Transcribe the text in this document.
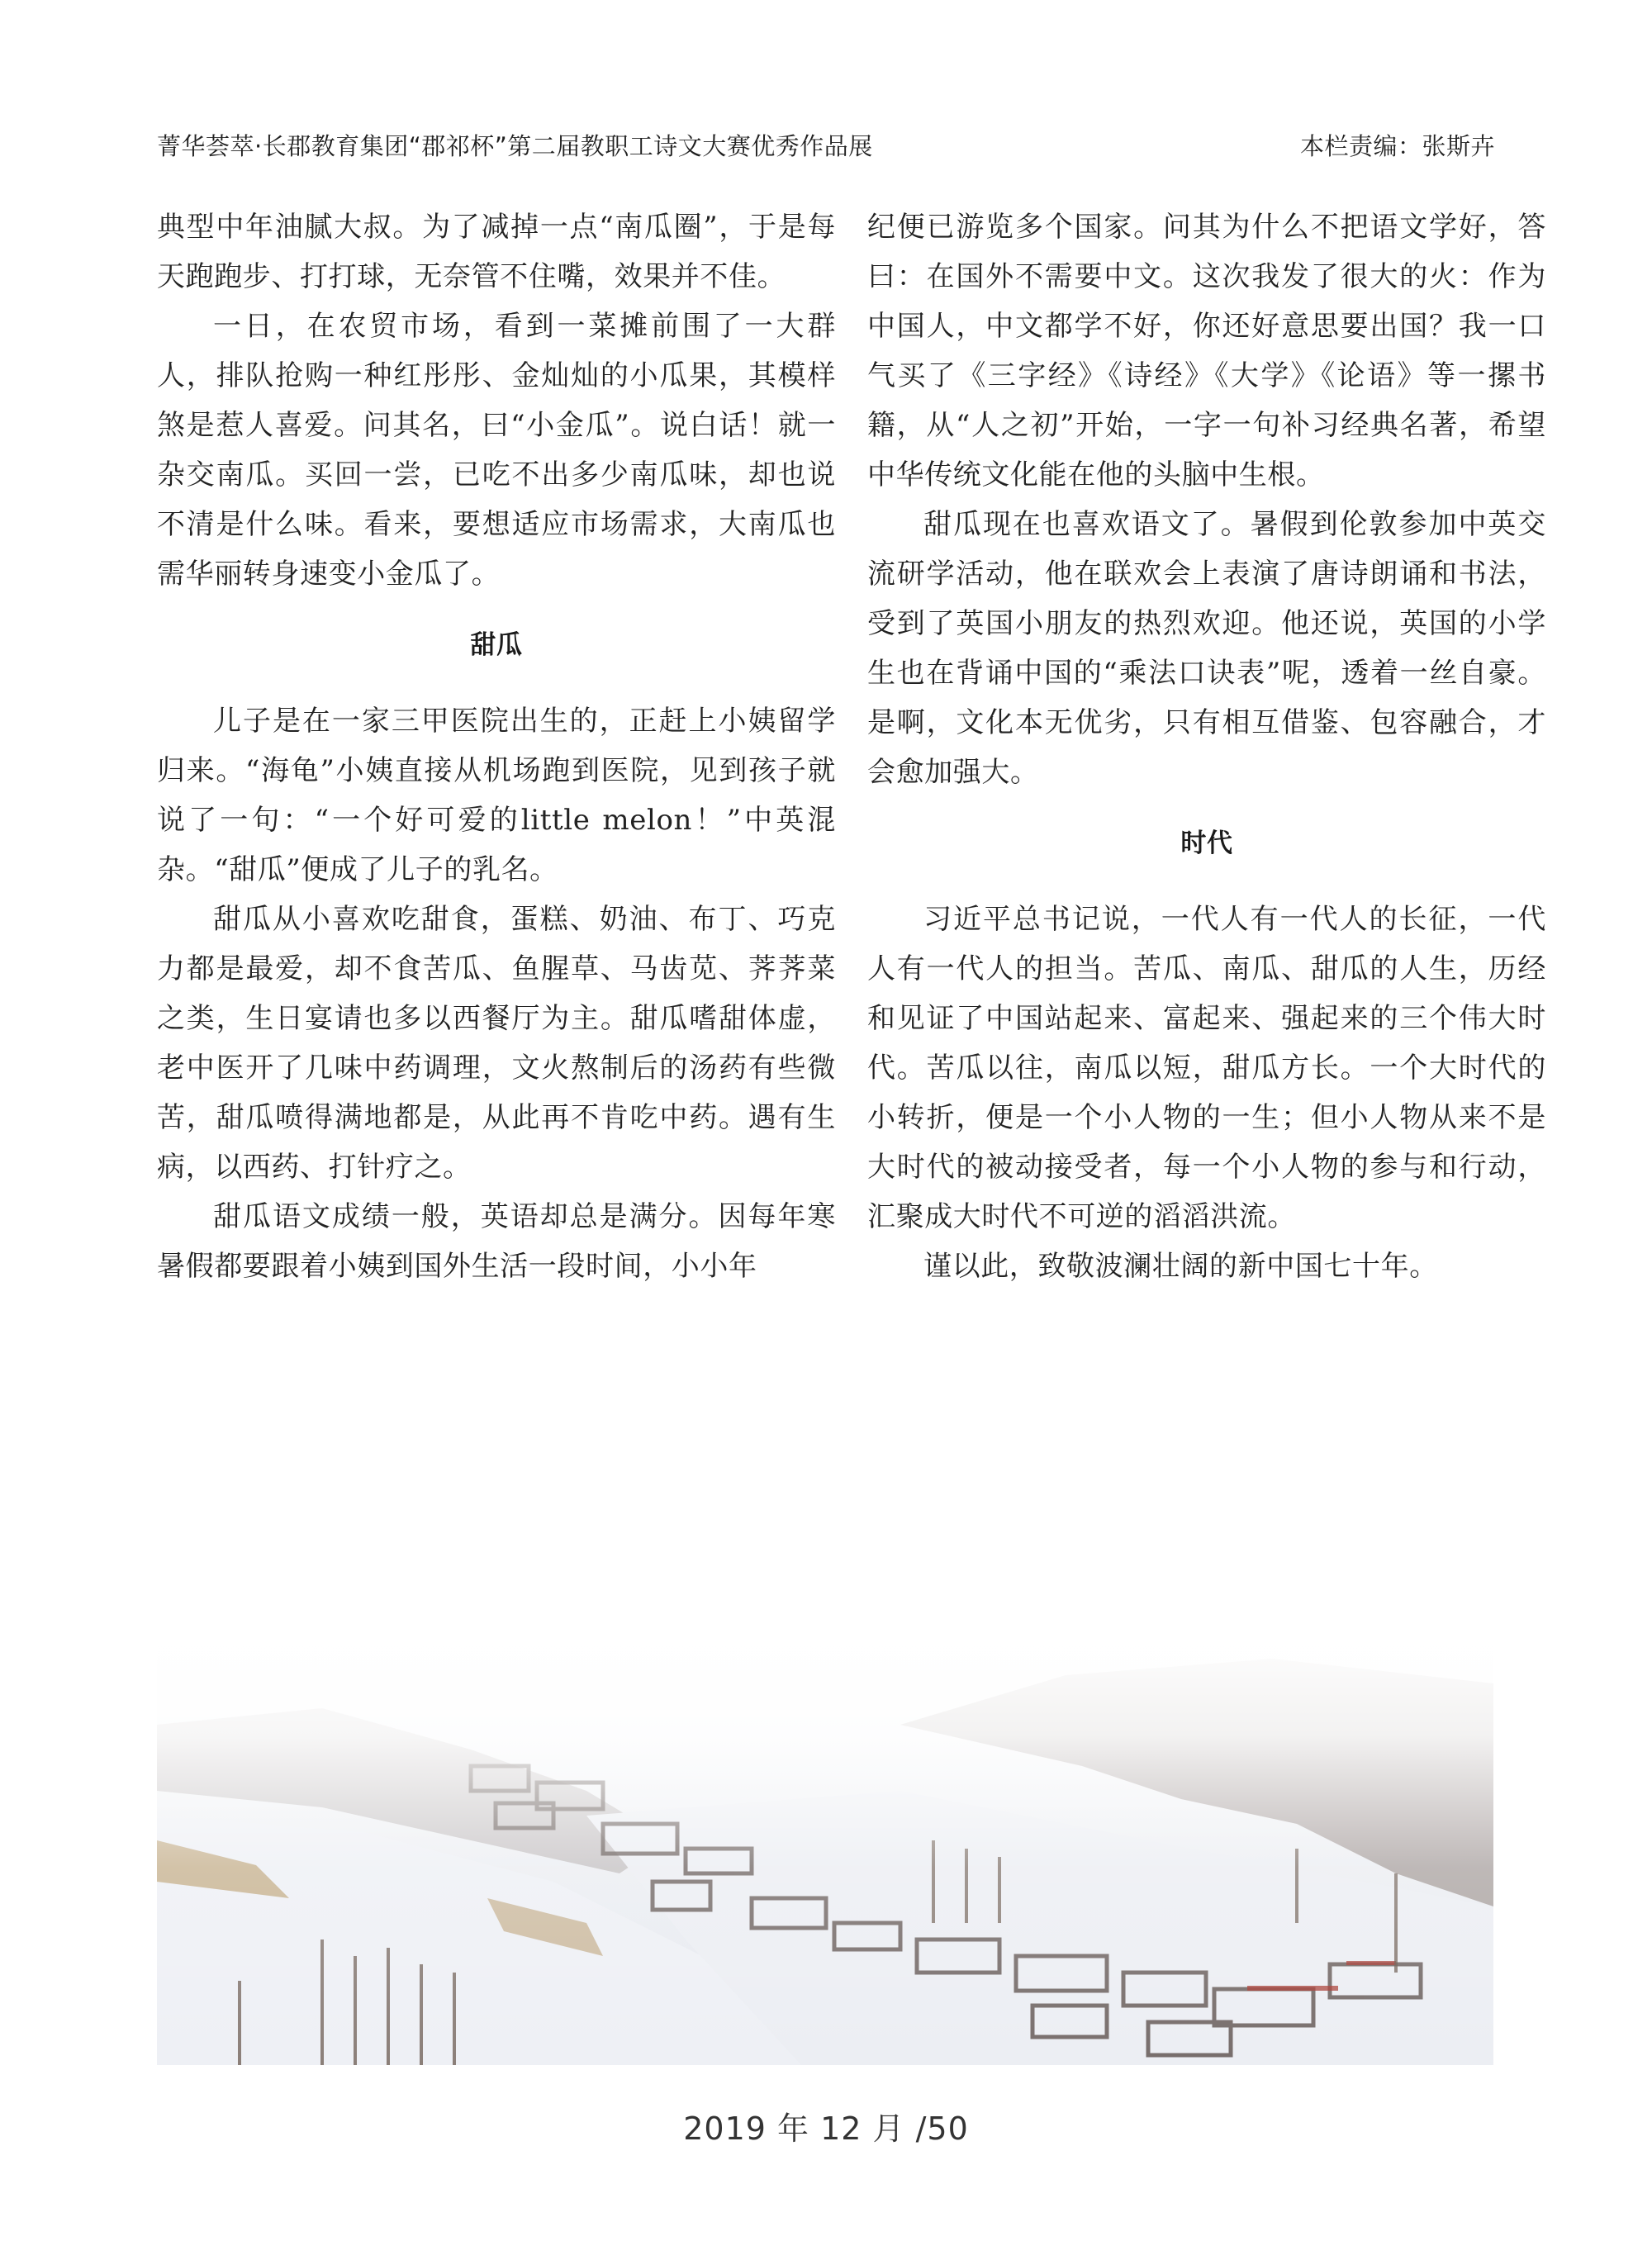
菁华荟萃·长郡教育集团“郡祁杯”第二届教职工诗文大赛优秀作品展	本栏责编：张斯卉

典型中年油腻大叔。为了减掉一点“南瓜圈”，于是每天跑跑步、打打球，无奈管不住嘴，效果并不佳。

一日，在农贸市场，看到一菜摊前围了一大群人，排队抢购一种红彤彤、金灿灿的小瓜果，其模样煞是惹人喜爱。问其名，曰“小金瓜”。说白话！就一杂交南瓜。买回一尝，已吃不出多少南瓜味，却也说不清是什么味。看来，要想适应市场需求，大南瓜也需华丽转身速变小金瓜了。

甜瓜

儿子是在一家三甲医院出生的，正赶上小姨留学归来。“海龟”小姨直接从机场跑到医院，见到孩子就说了一句：“一个好可爱的little melon！”中英混杂。“甜瓜”便成了儿子的乳名。

甜瓜从小喜欢吃甜食，蛋糕、奶油、布丁、巧克力都是最爱，却不食苦瓜、鱼腥草、马齿苋、荠荠菜之类，生日宴请也多以西餐厅为主。甜瓜嗜甜体虚，老中医开了几味中药调理，文火熬制后的汤药有些微苦，甜瓜喷得满地都是，从此再不肯吃中药。遇有生病，以西药、打针疗之。

甜瓜语文成绩一般，英语却总是满分。因每年寒暑假都要跟着小姨到国外生活一段时间，小小年

纪便已游览多个国家。问其为什么不把语文学好，答曰：在国外不需要中文。这次我发了很大的火：作为中国人，中文都学不好，你还好意思要出国？我一口气买了《三字经》《诗经》《大学》《论语》等一摞书籍，从“人之初”开始，一字一句补习经典名著，希望中华传统文化能在他的头脑中生根。

甜瓜现在也喜欢语文了。暑假到伦敦参加中英交流研学活动，他在联欢会上表演了唐诗朗诵和书法，受到了英国小朋友的热烈欢迎。他还说，英国的小学生也在背诵中国的“乘法口诀表”呢，透着一丝自豪。是啊，文化本无优劣，只有相互借鉴、包容融合，才会愈加强大。

时代

习近平总书记说，一代人有一代人的长征，一代人有一代人的担当。苦瓜、南瓜、甜瓜的人生，历经和见证了中国站起来、富起来、强起来的三个伟大时代。苦瓜以往，南瓜以短，甜瓜方长。一个大时代的小转折，便是一个小人物的一生；但小人物从来不是大时代的被动接受者，每一个小人物的参与和行动，汇聚成大时代不可逆的滔滔洪流。

谨以此，致敬波澜壮阔的新中国七十年。

2019 年 12 月 /50
